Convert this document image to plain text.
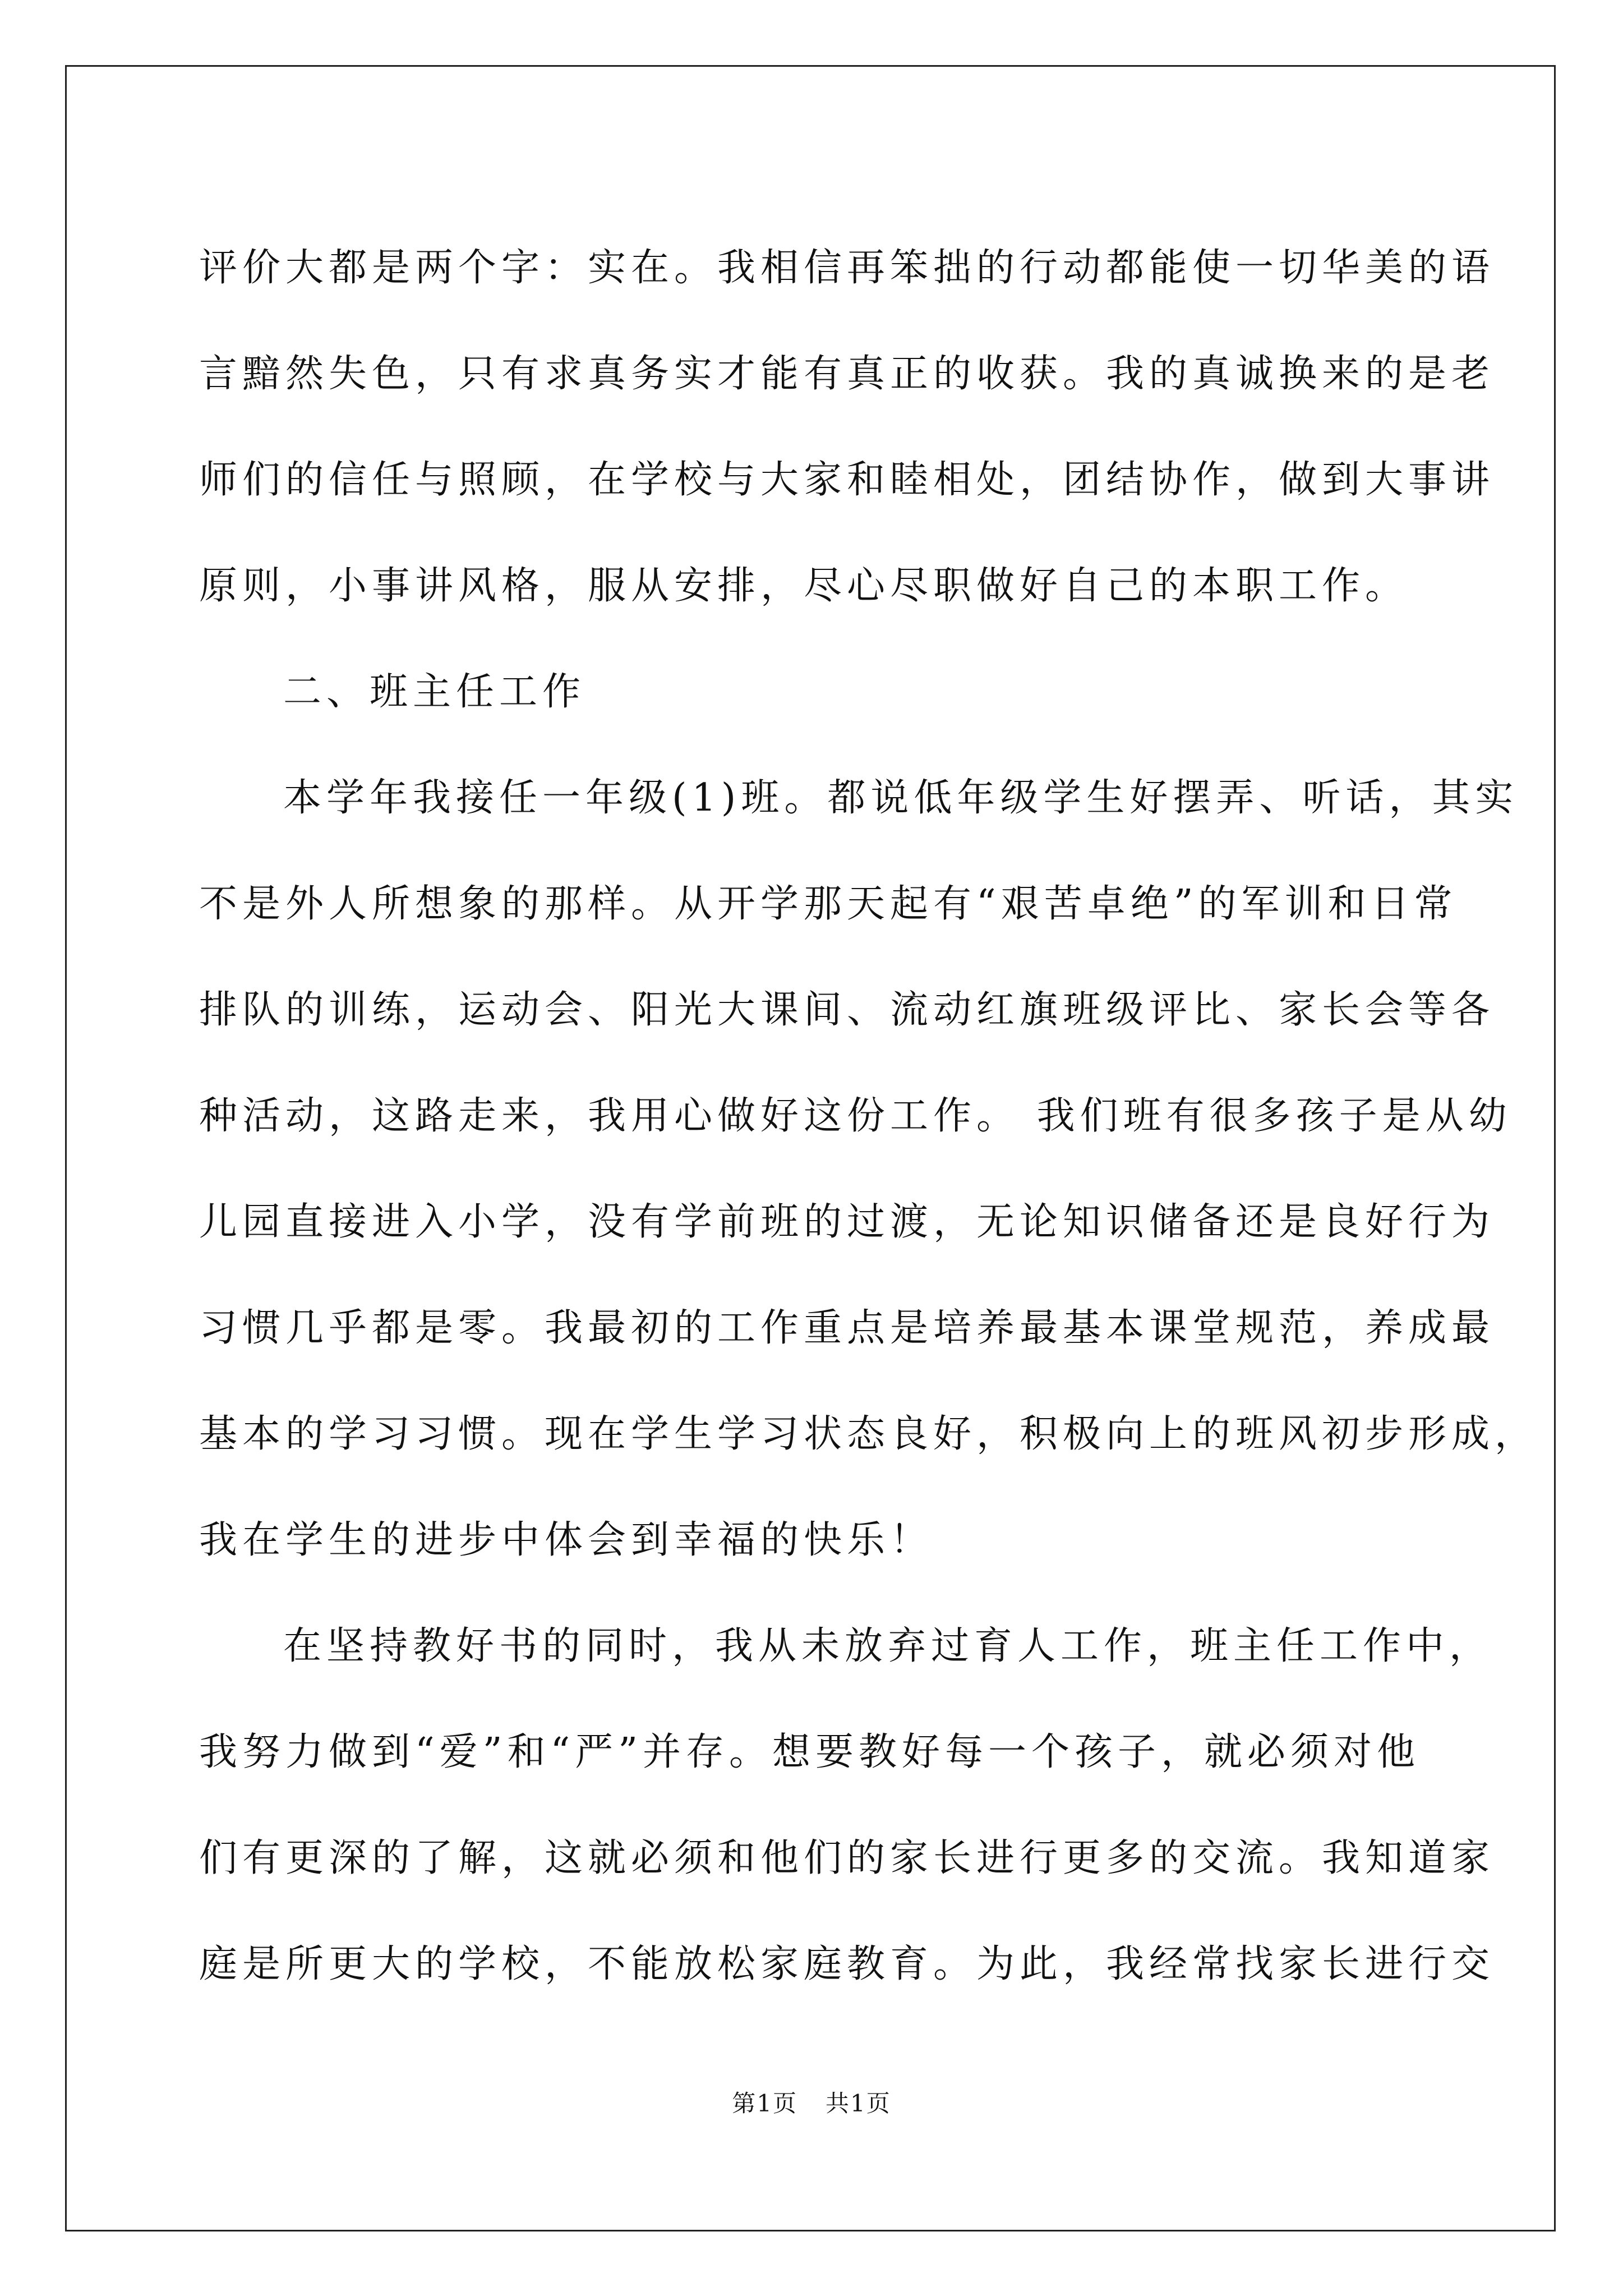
评价大都是两个字：实在。我相信再笨拙的行动都能使一切华美的语
言黯然失色，只有求真务实才能有真正的收获。我的真诚换来的是老
师们的信任与照顾，在学校与大家和睦相处，团结协作，做到大事讲
原则，小事讲风格，服从安排，尽心尽职做好自己的本职工作。
二、班主任工作
本学年我接任一年级(1)班。都说低年级学生好摆弄、听话，其实
不是外人所想象的那样。从开学那天起有“艰苦卓绝”的军训和日常
排队的训练，运动会、阳光大课间、流动红旗班级评比、家长会等各
种活动，这路走来，我用心做好这份工作。 我们班有很多孩子是从幼
儿园直接进入小学，没有学前班的过渡，无论知识储备还是良好行为
习惯几乎都是零。我最初的工作重点是培养最基本课堂规范，养成最
基本的学习习惯。现在学生学习状态良好，积极向上的班风初步形成，
我在学生的进步中体会到幸福的快乐！
在坚持教好书的同时，我从未放弃过育人工作，班主任工作中，
我努力做到“爱”和“严”并存。想要教好每一个孩子，就必须对他
们有更深的了解，这就必须和他们的家长进行更多的交流。我知道家
庭是所更大的学校，不能放松家庭教育。为此，我经常找家长进行交
第1页 共1页
